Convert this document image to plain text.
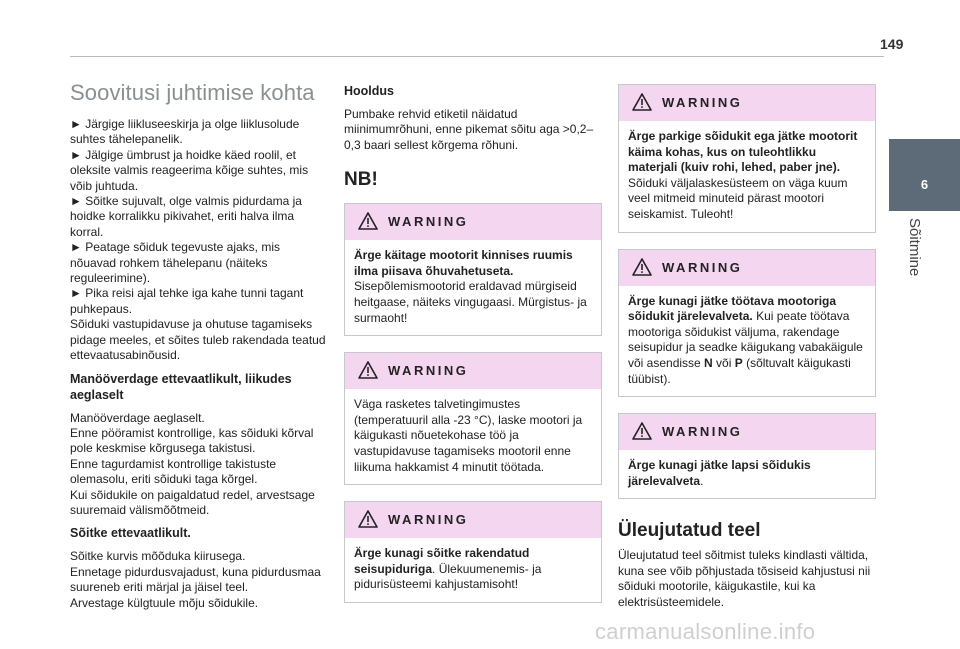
149
6
Sõitmine
Soovitusi juhtimise kohta

► Järgige liikluseeskirja ja olge liiklusolude suhtes tähelepanelik.

► Jälgige ümbrust ja hoidke käed roolil, et oleksite valmis reageerima kõige suhtes, mis võib juhtuda.

► Sõitke sujuvalt, olge valmis pidurdama ja hoidke korralikku pikivahet, eriti halva ilma korral.

► Peatage sõiduk tegevuste ajaks, mis nõuavad rohkem tähelepanu (näiteks reguleerimine).

► Pika reisi ajal tehke iga kahe tunni tagant puhkepaus.

Sõiduki vastupidavuse ja ohutuse tagamiseks pidage meeles, et sõites tuleb rakendada teatud ettevaatusabinõusid.

Manööverdage ettevaatlikult, liikudes aeglaselt

Manööverdage aeglaselt.

Enne pööramist kontrollige, kas sõiduki kõrval pole keskmise kõrgusega takistusi.

Enne tagurdamist kontrollige takistuste olemasolu, eriti sõiduki taga kõrgel.

Kui sõidukile on paigaldatud redel, arvestsage suuremaid välismõõtmeid.

Sõitke ettevaatlikult.

Sõitke kurvis mõõduka kiirusega.

Ennetage pidurdusvajadust, kuna pidurdusmaa suureneb eriti märjal ja jäisel teel.

Arvestage külgtuule mõju sõidukile.

Hooldus

Pumbake rehvid etiketil näidatud miinimumrõhuni, enne pikemat sõitu aga >0,2–0,3 baari sellest kõrgema rõhuni.

NB!
WARNING

Ärge käitage mootorit kinnises ruumis ilma piisava õhuvahetuseta.
Sisepõlemismootorid eraldavad mürgiseid heitgaase, näiteks vingugaasi. Mürgistus- ja surmaoht!

WARNING

Väga rasketes talvetingimustes (temperatuuril alla -23 °C), laske mootori ja käigukasti nõuetekohase töö ja vastupidavuse tagamiseks mootoril enne liikuma hakkamist 4 minutit töötada.

WARNING

Ärge kunagi sõitke rakendatud seisupiduriga. Ülekuumenemis- ja pidurisüsteemi kahjustamisoht!

WARNING

Ärge parkige sõidukit ega jätke mootorit käima kohas, kus on tuleohtlikku materjali (kuiv rohi, lehed, paber jne). Sõiduki väljalaskesüsteem on väga kuum veel mitmeid minuteid pärast mootori seiskamist. Tuleoht!

WARNING

Ärge kunagi jätke töötava mootoriga sõidukit järelevalveta. Kui peate töötava mootoriga sõidukist väljuma, rakendage seisupidur ja seadke käigukang vabakäigule või asendisse N või P (sõltuvalt käigukasti tüübist).

WARNING

Ärge kunagi jätke lapsi sõidukis järelevalveta.

Üleujutatud teel

Üleujutatud teel sõitmist tuleks kindlasti vältida, kuna see võib põhjustada tõsiseid kahjustusi nii sõiduki mootorile, käigukastile, kui ka elektrisüsteemidele.

carmanualsonline.info
